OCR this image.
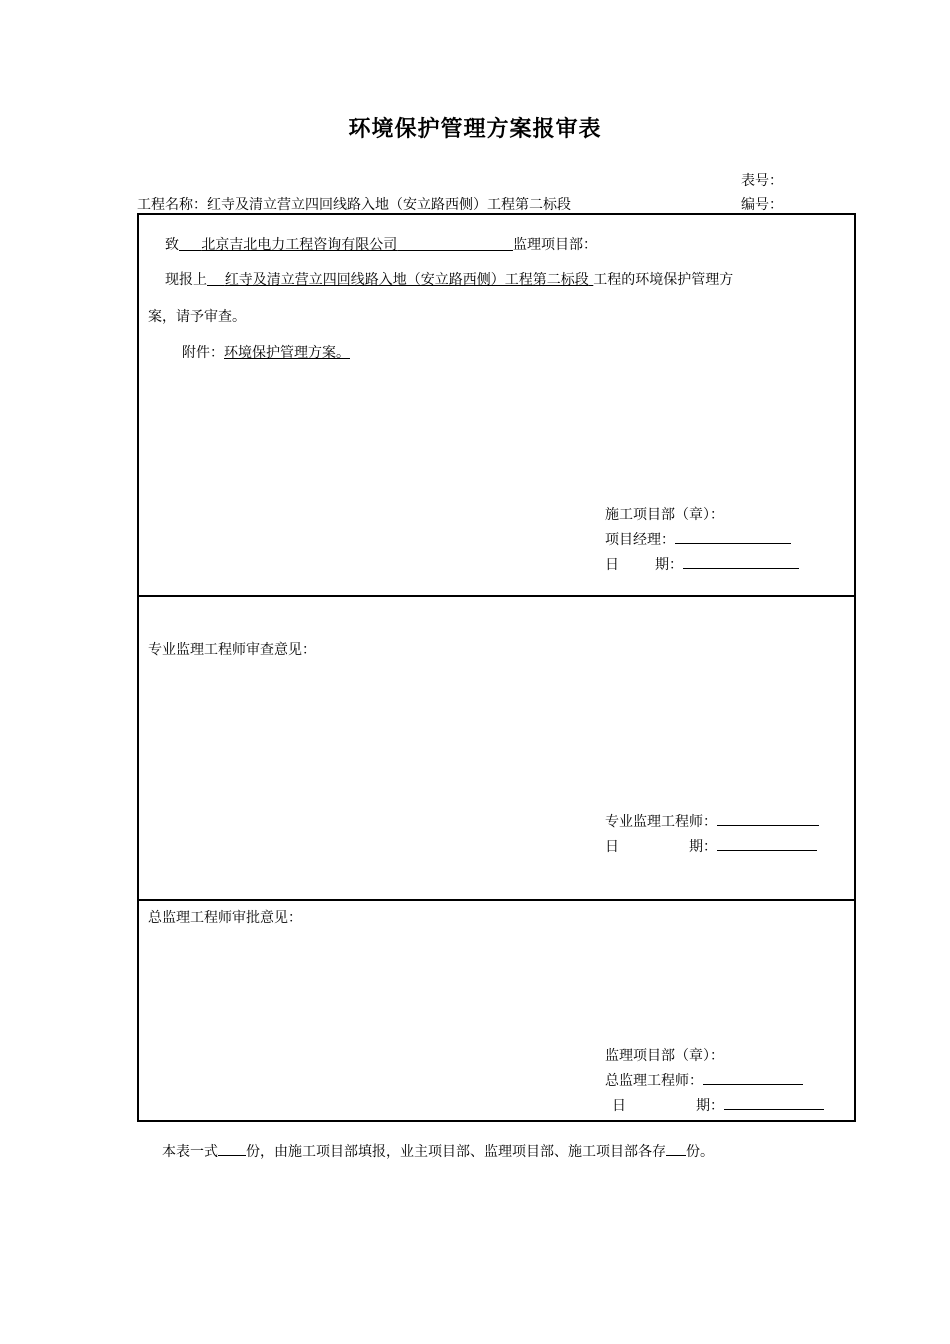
环境保护管理方案报审表
表号：
工程名称：红寺及清立营立四回线路入地（安立路西侧）工程第二标段	编号：
致 北京吉北电力工程咨询有限公司	监理项目部：
现报上 红寺及清立营立四回线路入地（安立路西侧）工程第二标段 工程的环境保护管理方
案，请予审查。
附件：环境保护管理方案。
施工项目部（章）：
项目经理：
日	期：
专业监理工程师审查意见：
专业监理工程师：
日	期：
总监理工程师审批意见：
监理项目部（章）：
总监理工程师：
日	期：
本表一式 份，由施工项目部填报，业主项目部、监理项目部、施工项目部各存 份。
